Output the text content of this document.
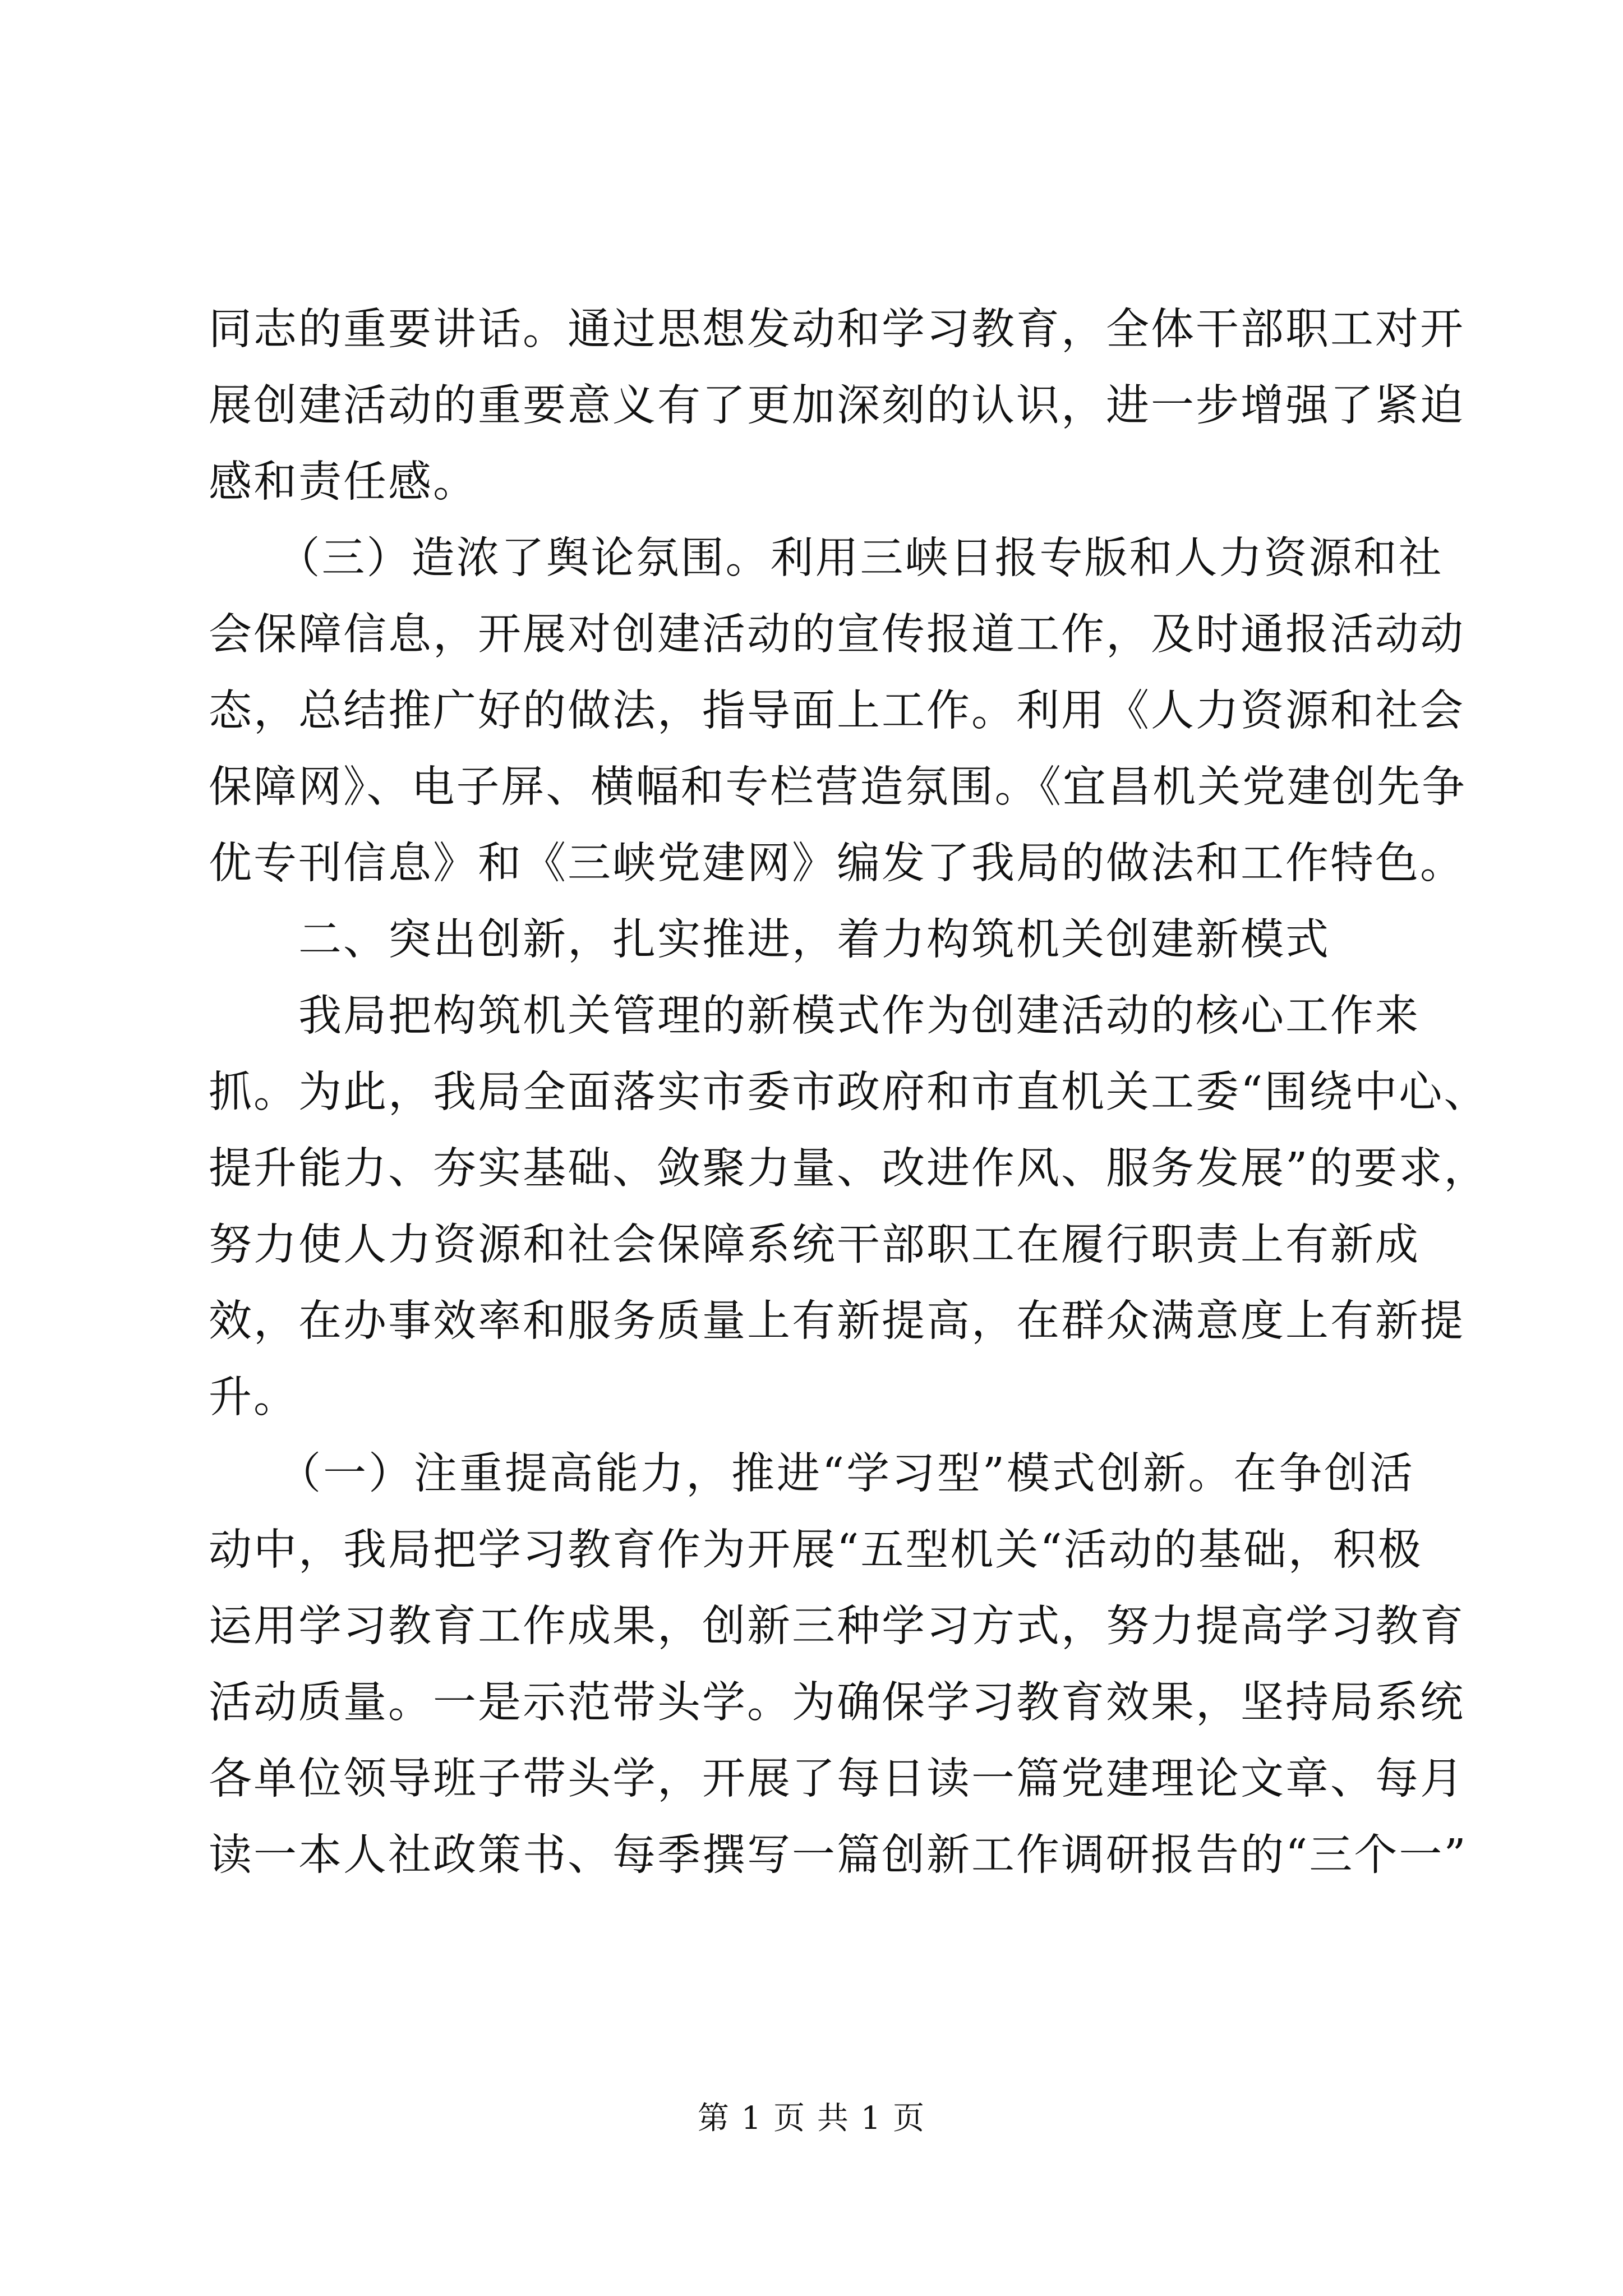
同志的重要讲话。通过思想发动和学习教育，全体干部职工对开
展创建活动的重要意义有了更加深刻的认识，进一步增强了紧迫
感和责任感。
　　（三）造浓了舆论氛围。利用三峡日报专版和人力资源和社
会保障信息，开展对创建活动的宣传报道工作，及时通报活动动
态，总结推广好的做法，指导面上工作。利用《人力资源和社会
保障网》、电子屏、横幅和专栏营造氛围。《宜昌机关党建创先争
优专刊信息》和《三峡党建网》编发了我局的做法和工作特色。
　　二、突出创新，扎实推进，着力构筑机关创建新模式
　　我局把构筑机关管理的新模式作为创建活动的核心工作来
抓。为此，我局全面落实市委市政府和市直机关工委“围绕中心、
提升能力、夯实基础、敛聚力量、改进作风、服务发展”的要求，
努力使人力资源和社会保障系统干部职工在履行职责上有新成
效，在办事效率和服务质量上有新提高，在群众满意度上有新提
升。
　　（一）注重提高能力，推进“学习型”模式创新。在争创活
动中，我局把学习教育作为开展“五型机关“活动的基础，积极
运用学习教育工作成果，创新三种学习方式，努力提高学习教育
活动质量。一是示范带头学。为确保学习教育效果，坚持局系统
各单位领导班子带头学，开展了每日读一篇党建理论文章、每月
读一本人社政策书、每季撰写一篇创新工作调研报告的“三个一”
第 1 页 共 1 页
